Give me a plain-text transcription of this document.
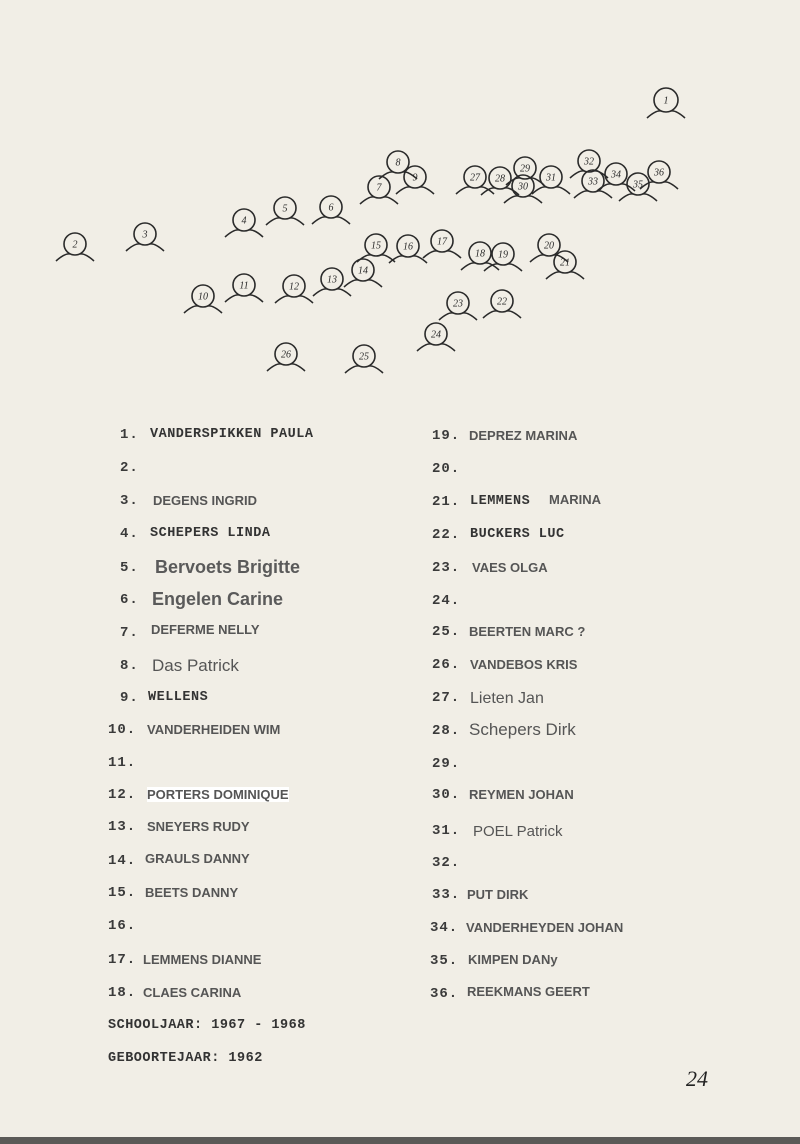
1
2
3
4
5	6
7
8
9
10
11	12
13
14
15 16 17
18 19
20
21
22
23
24
25
26
27 28
29
30
31
32
33
34
35
36
1. VANDERSPIKKEN PAULA
2.
3. DEGENS INGRID
4. SCHEPERS LINDA
5. Bervoets Brigitte
6. Engelen Carine
7. DEFERME NELLY
8. Das Patrick
9. WELLENS
10. VANDERHEIDEN WIM
11.
12. PORTERS DOMINIQUE
13. SNEYERS RUDY
14. GRAULS DANNY
15. BEETS DANNY
16.
17. LEMMENS DIANNE
18. CLAES CARINA
19. DEPREZ MARINA
20.
21. LEMMENS MARINA
22. BUCKERS LUC
23. VAES OLGA
24.
25. BEERTEN MARC ?
26. VANDEBOS KRIS
27. Lieten Jan
28. Schepers Dirk
29.
30. REYMEN JOHAN
31. POEL Patrick
32.
33. PUT DIRK
34. VANDERHEYDEN JOHAN
35. KIMPEN DANy
36. REEKMANS GEERT
SCHOOLJAAR: 1967 - 1968
GEBOORTEJAAR: 1962
24
